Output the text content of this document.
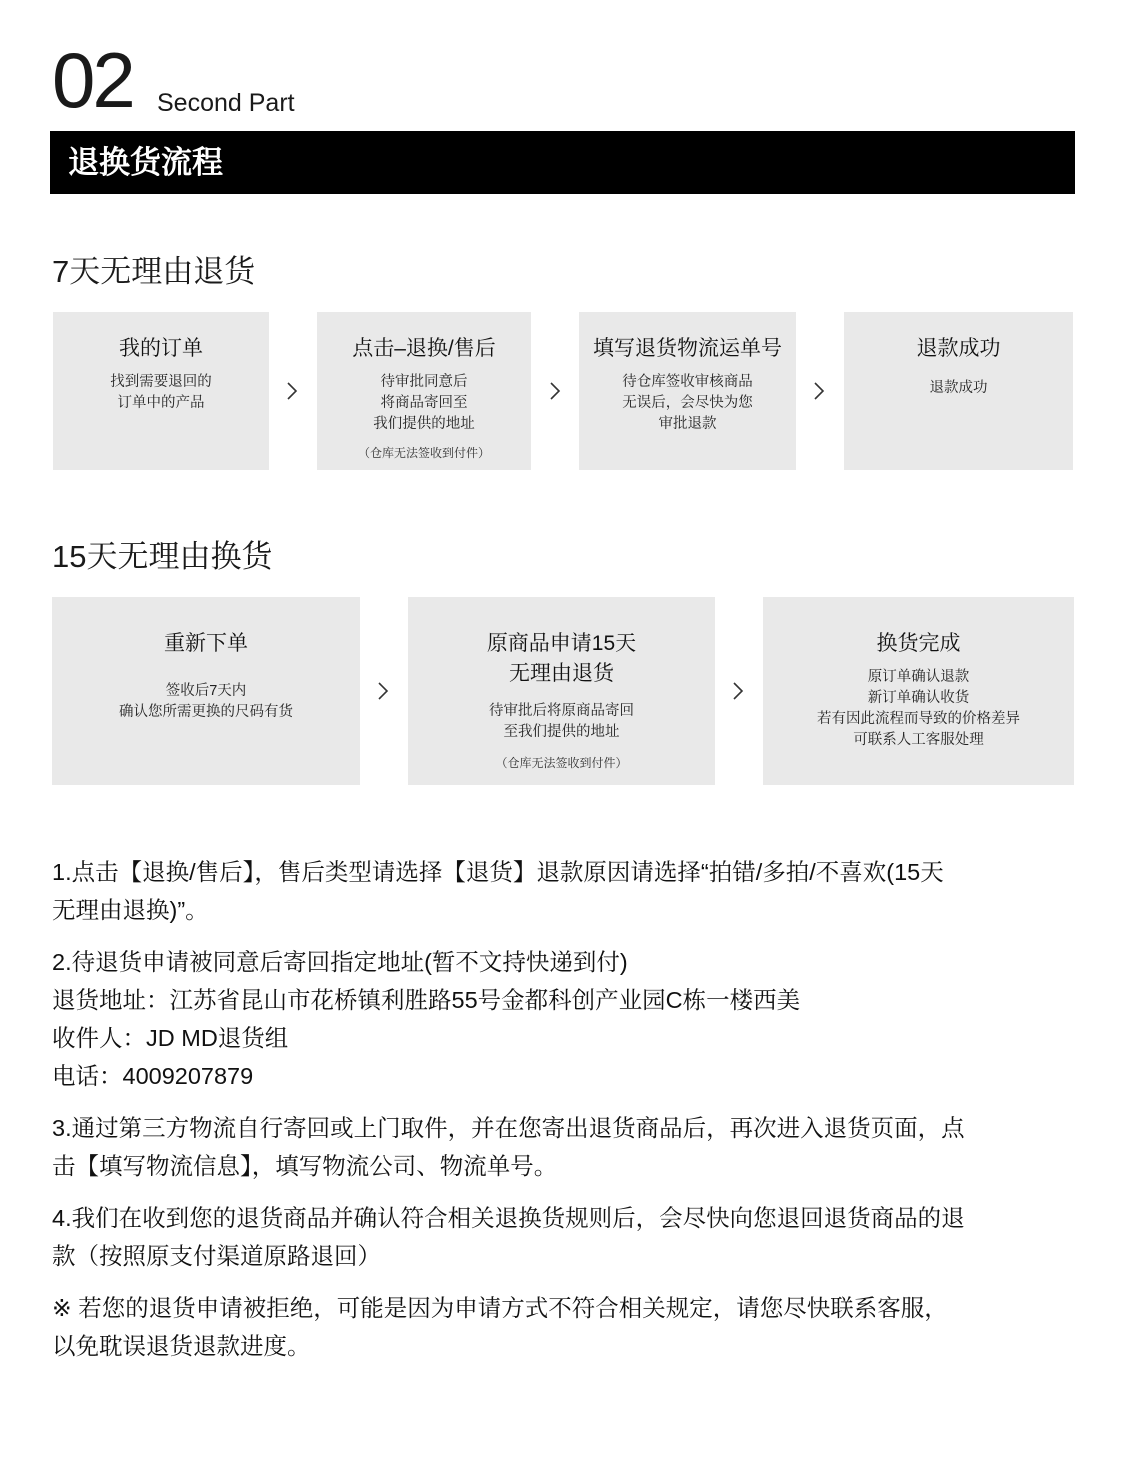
02 Second Part
退换货流程
7天无理由退货
我的订单
找到需要退回的
订单中的产品
点击–退换/售后
待审批同意后
将商品寄回至
我们提供的地址
（仓库无法签收到付件）
填写退货物流运单号
待仓库签收审核商品
无误后，会尽快为您
审批退款
退款成功
退款成功
15天无理由换货
重新下单
签收后7天内
确认您所需更换的尺码有货
原商品申请15天
无理由退货
待审批后将原商品寄回
至我们提供的地址
（仓库无法签收到付件）
换货完成
原订单确认退款
新订单确认收货
若有因此流程而导致的价格差异
可联系人工客服处理

1.点击【退换/售后】，售后类型请选择【退货】退款原因请选择“拍错/多拍/不喜欢(15天
无理由退换)”。

2.待退货申请被同意后寄回指定地址(暂不文持快递到付)
退货地址：江苏省昆山市花桥镇利胜路55号金都科创产业园C栋一楼西美
收件人：JD MD退货组
电话：4009207879

3.通过第三方物流自行寄回或上门取件，并在您寄出退货商品后，再次进入退货页面，点
击【填写物流信息】，填写物流公司、物流单号。

4.我们在收到您的退货商品并确认符合相关退换货规则后，会尽快向您退回退货商品的退
款（按照原支付渠道原路退回）

※ 若您的退货申请被拒绝，可能是因为申请方式不符合相关规定，请您尽快联系客服，
以免耽误退货退款进度。
